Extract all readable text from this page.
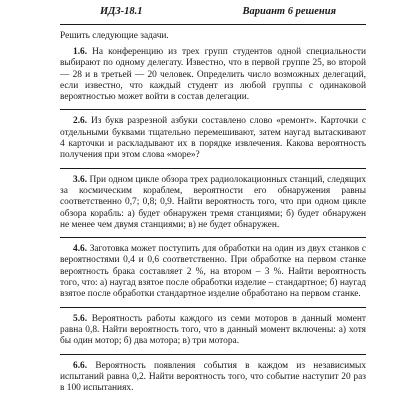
ИДЗ-18.1	Вариант 6 решения

Решить следующие задачи.

1.6. На конференцию из трех групп студентов одной специальности выбирают по одному делегату. Известно, что в первой группе 25, во второй — 28 и в третьей — 20 человек. Определить число возможных делегаций, если известно, что каждый студент из любой группы с одинаковой вероятностью может войти в состав делегации.

2.6. Из букв разрезной азбуки составлено слово «ремонт». Карточки с отдельными буквами тщательно перемешивают, затем наугад вытаскивают 4 карточки и раскладывают их в порядке извлечения. Какова вероятность получения при этом слова «море»?

3.6. При одном цикле обзора трех радиолокационных станций, следящих за космическим кораблем, вероятности его обнаружения равны соответственно 0,7; 0,8; 0,9. Найти вероятность того, что при одном цикле обзора корабль: а) будет обнаружен тремя станциями; б) будет обнаружен не менее чем двумя станциями; в) не будет обнаружен.

4.6. Заготовка может поступить для обработки на один из двух станков с вероятностями 0,4 и 0,6 соответственно. При обработке на первом станке вероятность брака составляет 2 %, на втором – 3 %. Найти вероятность того, что: а) наугад взятое после обработки изделие – стандартное; б) наугад взятое после обработки стандартное изделие обработано на первом станке.

5.6. Вероятность работы каждого из семи моторов в данный момент равна 0,8. Найти вероятность того, что в данный момент включены: а) хотя бы один мотор; б) два мотора; в) три мотора.

6.6. Вероятность появления события в каждом из независимых испытаний равна 0,2. Найти вероятность того, что событие наступит 20 раз в 100 испытаниях.
